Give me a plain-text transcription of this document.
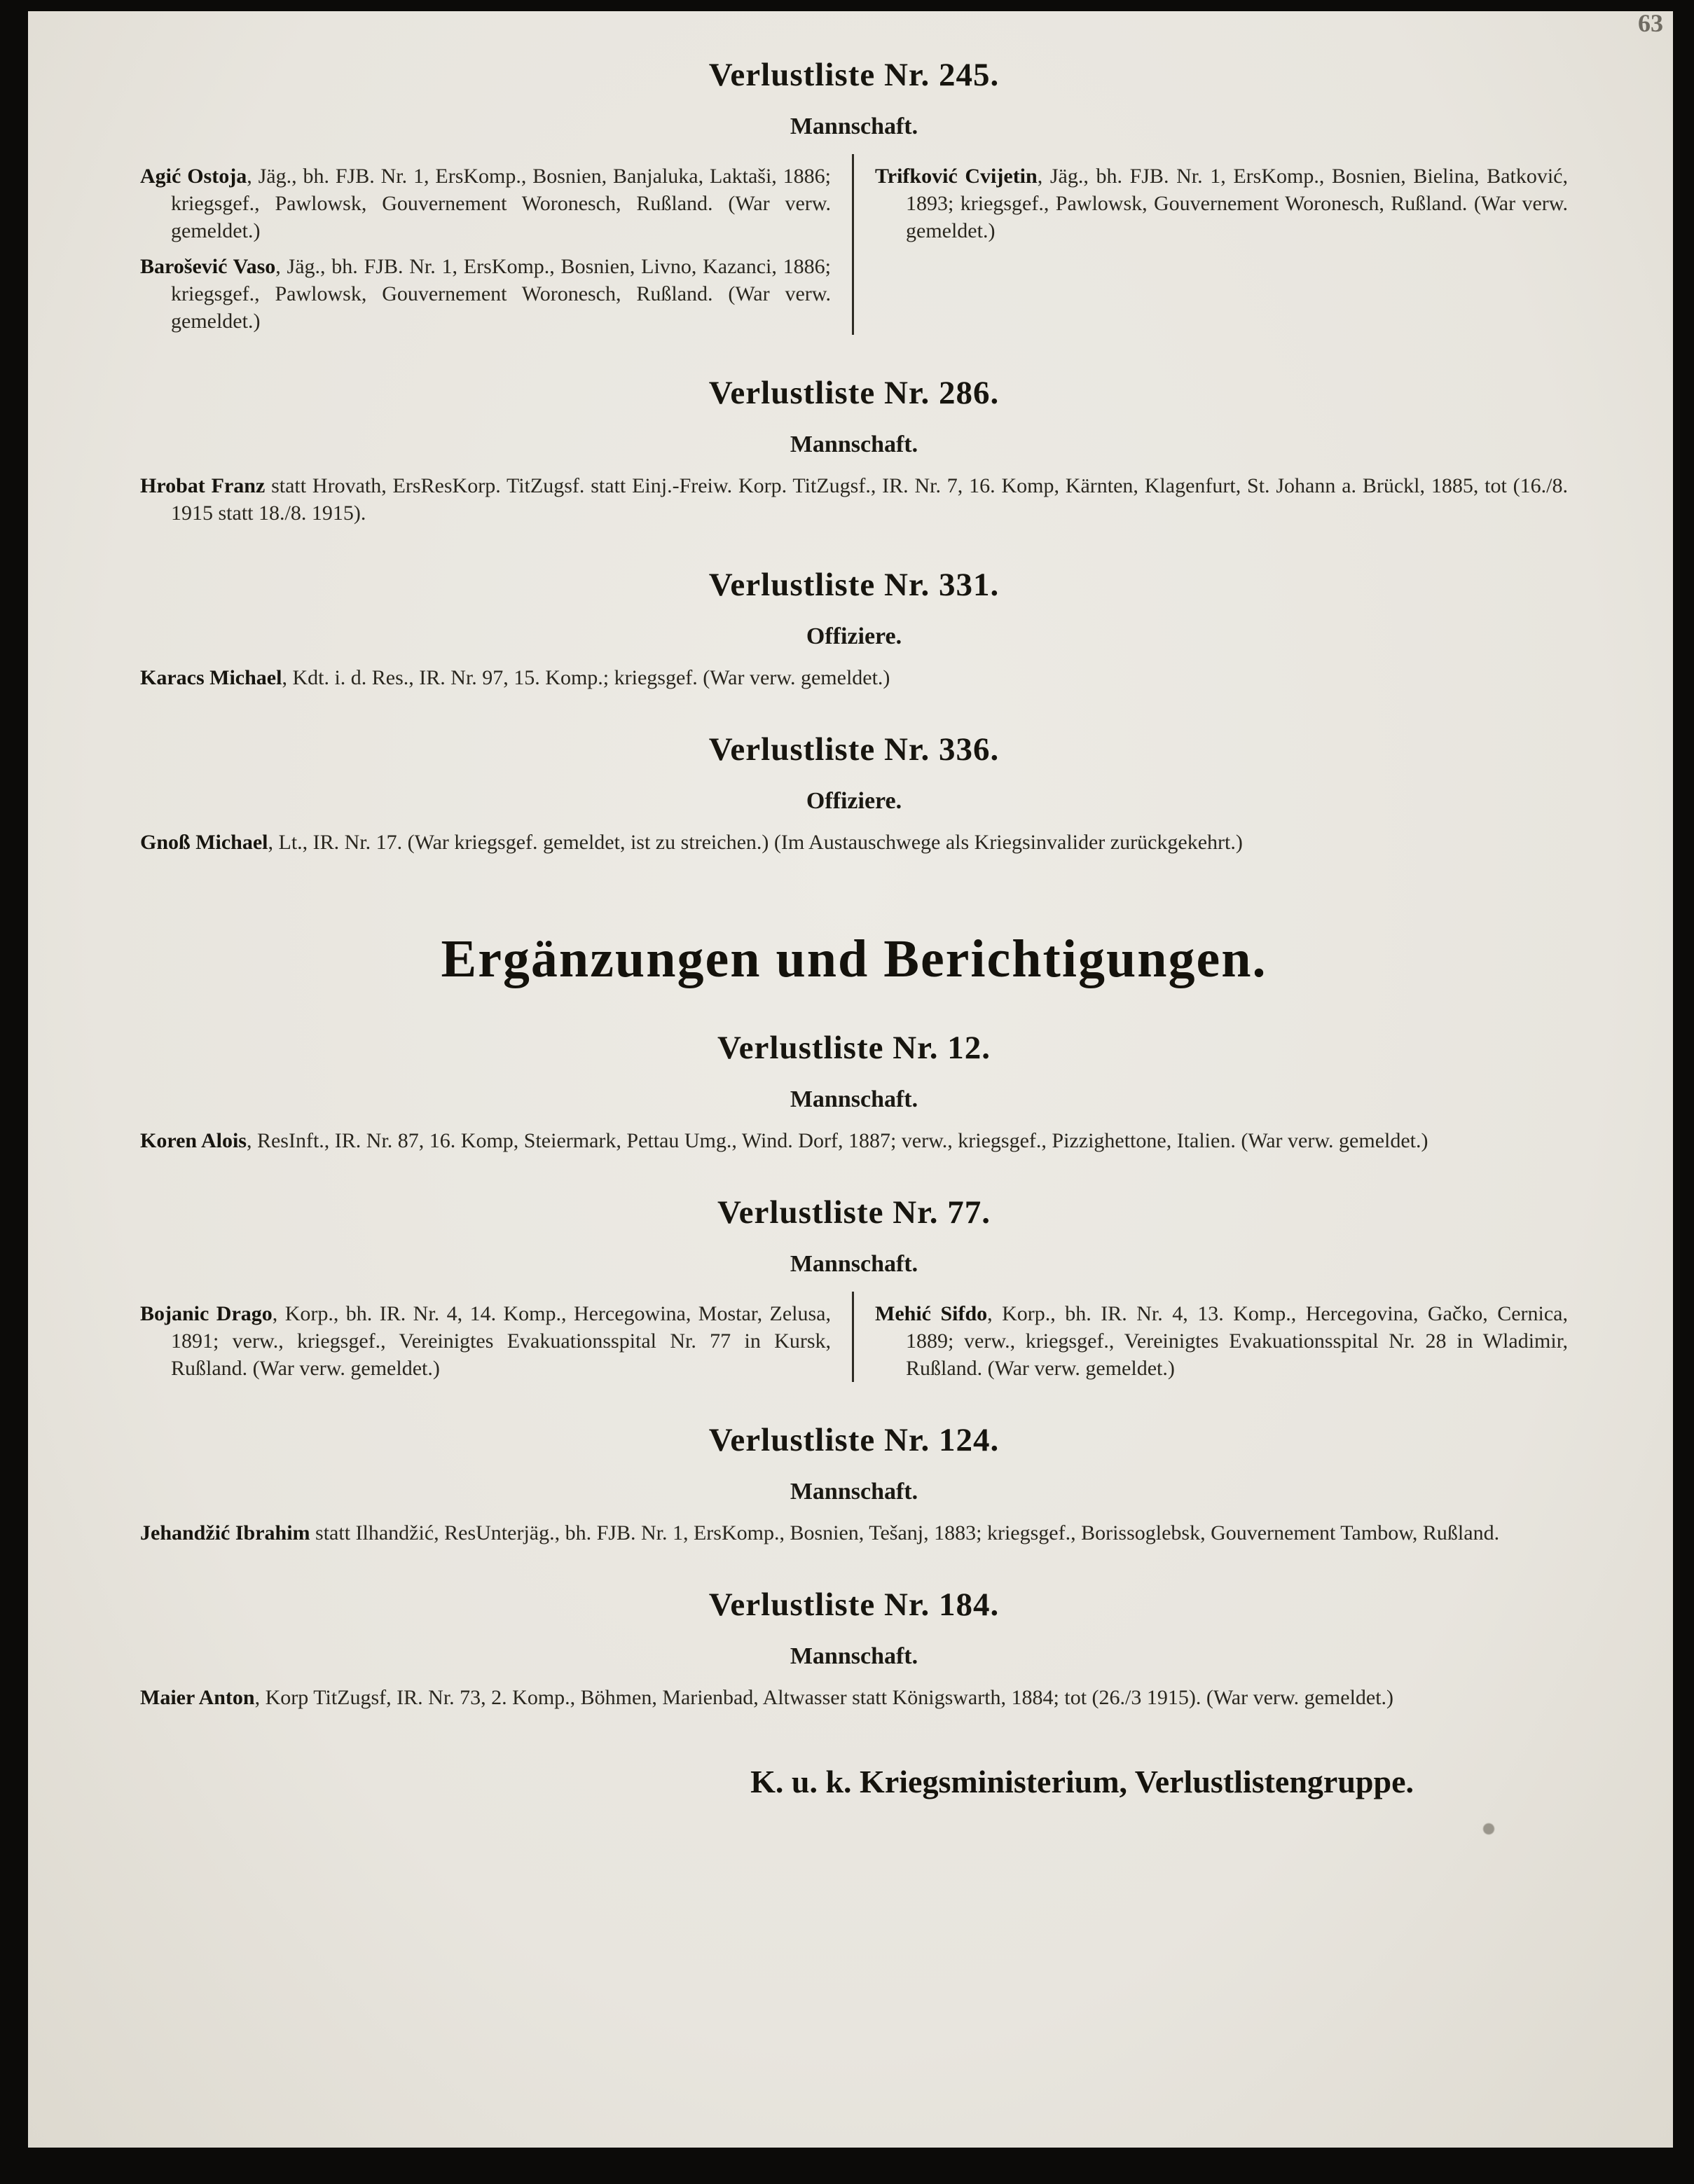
63
Verlustliste Nr. 245.
Mannschaft.

Agić Ostoja, Jäg., bh. FJB. Nr. 1, ErsKomp., Bosnien, Banjaluka, Laktaši, 1886; kriegsgef., Pawlowsk, Gouvernement Woronesch, Rußland. (War verw. gemeldet.)

Barošević Vaso, Jäg., bh. FJB. Nr. 1, ErsKomp., Bosnien, Livno, Kazanci, 1886; kriegsgef., Pawlowsk, Gouvernement Woronesch, Rußland. (War verw. gemeldet.)

Trifković Cvijetin, Jäg., bh. FJB. Nr. 1, ErsKomp., Bosnien, Bielina, Batković, 1893; kriegsgef., Pawlowsk, Gouvernement Woronesch, Rußland. (War verw. gemeldet.)

Verlustliste Nr. 286.
Mannschaft.

Hrobat Franz statt Hrovath, ErsResKorp. TitZugsf. statt Einj.-Freiw. Korp. TitZugsf., IR. Nr. 7, 16. Komp, Kärnten, Klagenfurt, St. Johann a. Brückl, 1885, tot (16./8. 1915 statt 18./8. 1915).

Verlustliste Nr. 331.
Offiziere.

Karacs Michael, Kdt. i. d. Res., IR. Nr. 97, 15. Komp.; kriegsgef. (War verw. gemeldet.)

Verlustliste Nr. 336.
Offiziere.

Gnoß Michael, Lt., IR. Nr. 17. (War kriegsgef. gemeldet, ist zu streichen.) (Im Austauschwege als Kriegsinvalider zurückgekehrt.)

Ergänzungen und Berichtigungen.
Verlustliste Nr. 12.
Mannschaft.

Koren Alois, ResInft., IR. Nr. 87, 16. Komp, Steiermark, Pettau Umg., Wind. Dorf, 1887; verw., kriegsgef., Pizzighettone, Italien. (War verw. gemeldet.)

Verlustliste Nr. 77.
Mannschaft.

Bojanic Drago, Korp., bh. IR. Nr. 4, 14. Komp., Hercegowina, Mostar, Zelusa, 1891; verw., kriegsgef., Vereinigtes Evakuationsspital Nr. 77 in Kursk, Rußland. (War verw. gemeldet.)

Mehić Sifdo, Korp., bh. IR. Nr. 4, 13. Komp., Hercegovina, Gačko, Cernica, 1889; verw., kriegsgef., Vereinigtes Evakuationsspital Nr. 28 in Wladimir, Rußland. (War verw. gemeldet.)

Verlustliste Nr. 124.
Mannschaft.

Jehandžić Ibrahim statt Ilhandžić, ResUnterjäg., bh. FJB. Nr. 1, ErsKomp., Bosnien, Tešanj, 1883; kriegsgef., Borissoglebsk, Gouvernement Tambow, Rußland.

Verlustliste Nr. 184.
Mannschaft.

Maier Anton, Korp TitZugsf, IR. Nr. 73, 2. Komp., Böhmen, Marienbad, Altwasser statt Königswarth, 1884; tot (26./3 1915). (War verw. gemeldet.)

K. u. k. Kriegsministerium, Verlustlistengruppe.
